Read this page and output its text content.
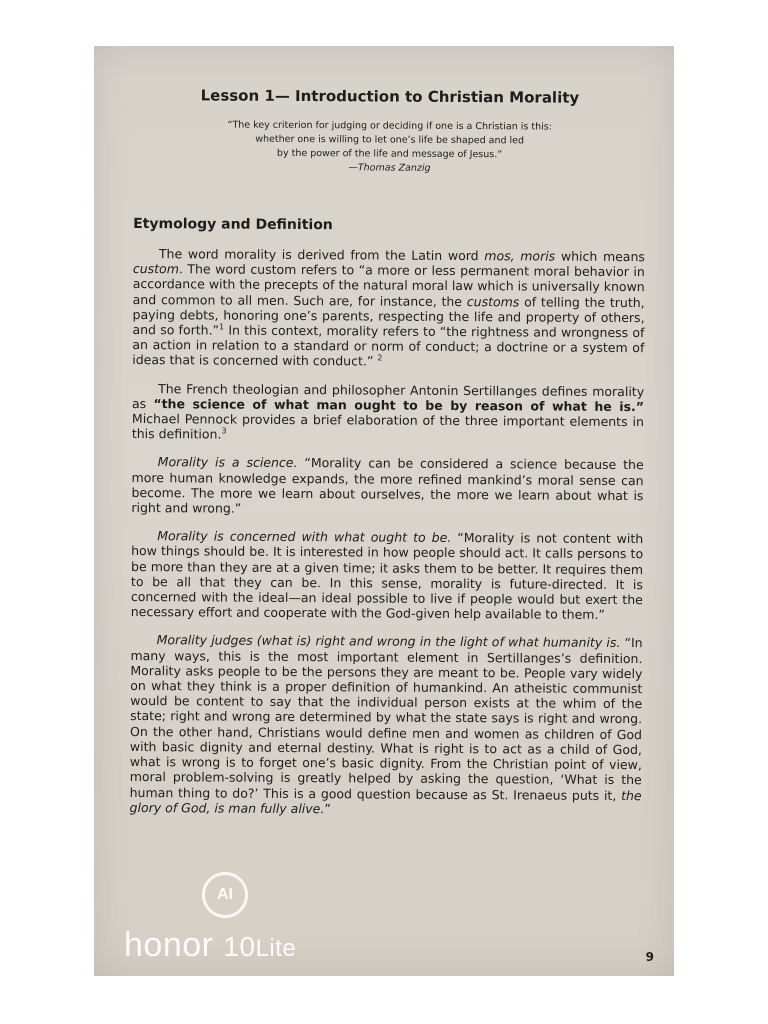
Lesson 1— Introduction to Christian Morality
“The key criterion for judging or deciding if one is a Christian is this:
whether one is willing to let one’s life be shaped and led
by the power of the life and message of Jesus.”
—Thomas Zanzig
Etymology and Definition

The word morality is derived from the Latin word mos, moris which means custom. The word custom refers to “a more or less permanent moral behavior in accordance with the precepts of the natural moral law which is universally known and common to all men. Such are, for instance, the customs of telling the truth, paying debts, honoring one’s parents, respecting the life and property of others, and so forth.”$^1$ In this context, morality refers to “the rightness and wrongness of an action in relation to a standard or norm of conduct; a doctrine or a system of ideas that is concerned with conduct.” $^2$

The French theologian and philosopher Antonin Sertillanges defines morality as “the science of what man ought to be by reason of what he is.” Michael Pennock provides a brief elaboration of the three important elements in this definition.$^3$

Morality is a science. “Morality can be considered a science because the more human knowledge expands, the more refined mankind’s moral sense can become. The more we learn about ourselves, the more we learn about what is right and wrong.”

Morality is concerned with what ought to be. “Morality is not content with how things should be. It is interested in how people should act. It calls persons to be more than they are at a given time; it asks them to be better. It requires them to be all that they can be. In this sense, morality is future-directed. It is concerned with the ideal—an ideal possible to live if people would but exert the necessary effort and cooperate with the God-given help available to them.”

Morality judges (what is) right and wrong in the light of what humanity is. “In many ways, this is the most important element in Sertillanges’s definition. Morality asks people to be the persons they are meant to be. People vary widely on what they think is a proper definition of humankind. An atheistic communist would be content to say that the individual person exists at the whim of the state; right and wrong are determined by what the state says is right and wrong. On the other hand, Christians would define men and women as children of God with basic dignity and eternal destiny. What is right is to act as a child of God, what is wrong is to forget one’s basic dignity. From the Christian point of view, moral problem-solving is greatly helped by asking the question, ‘What is the human thing to do?’ This is a good question because as St. Irenaeus puts it, the glory of God, is man fully alive.”

AI
honor 10Lite	9
